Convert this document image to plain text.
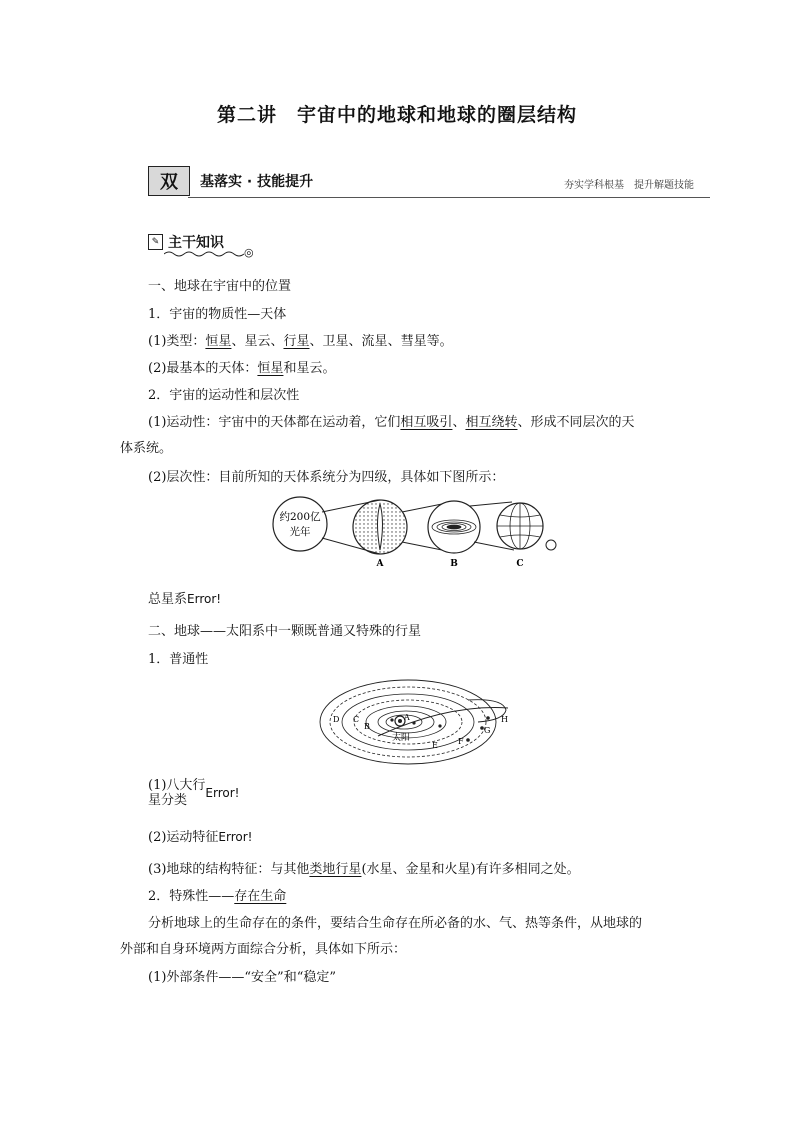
第二讲　宇宙中的地球和地球的圈层结构
双	基落实 · 技能提升	夯实学科根基　提升解题技能
✎ 主干知识
◎
一、地球在宇宙中的位置
1．宇宙的物质性—天体
(1)类型：恒星、星云、行星、卫星、流星、彗星等。
(2)最基本的天体：恒星和星云。
2．宇宙的运动性和层次性
(1)运动性：宇宙中的天体都在运动着，它们相互吸引、相互绕转、形成不同层次的天
体系统。
(2)层次性：目前所知的天体系统分为四级，具体如下图所示：
约200亿
光年
A	B	C
总星系Error!
二、地球——太阳系中一颗既普通又特殊的行星
1．普通性
太阳
A
B
C
D
E	F
G
H
(1)八大行
星分类 Error!
(2)运动特征Error!
(3)地球的结构特征：与其他类地行星(水星、金星和火星)有许多相同之处。
2．特殊性——存在生命
分析地球上的生命存在的条件，要结合生命存在所必备的水、气、热等条件，从地球的
外部和自身环境两方面综合分析，具体如下所示：
(1)外部条件——“安全”和“稳定”
